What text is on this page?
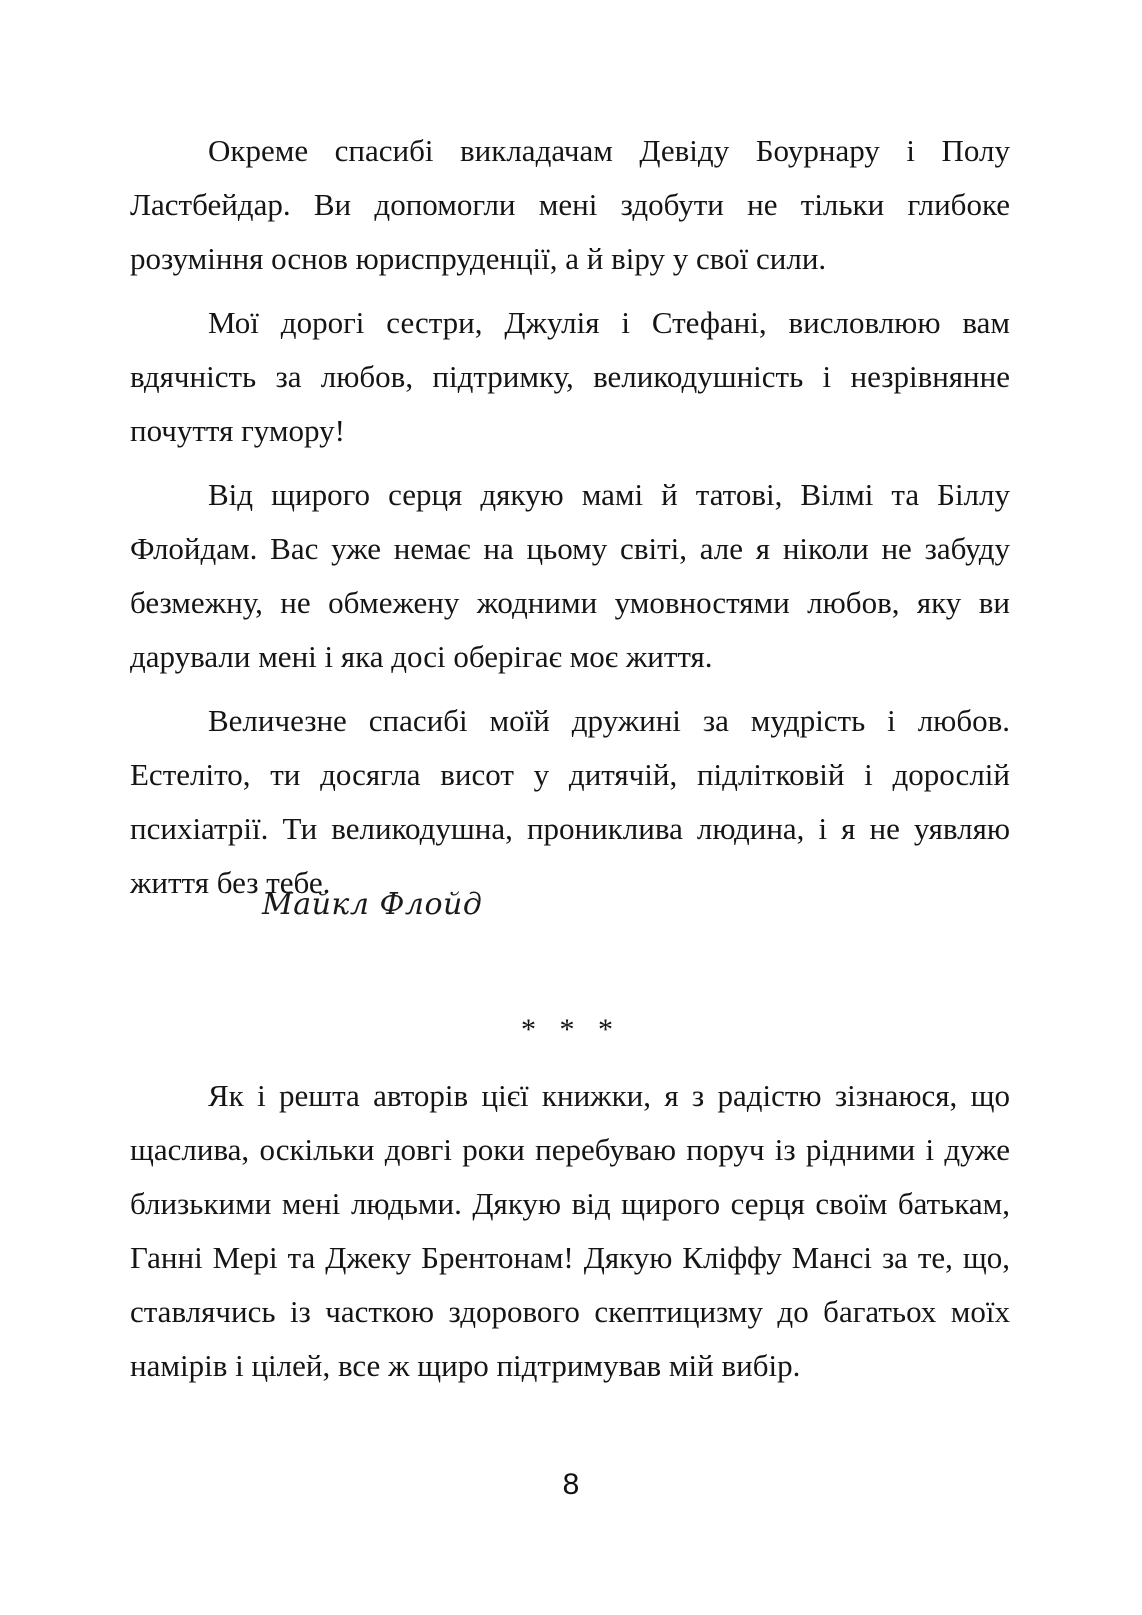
Окреме спасибі викладачам Девіду Боурнару і Полу Ластбейдар. Ви допомогли мені здобути не тільки глибоке розуміння основ юриспруденції, а й віру у свої сили.

Мої дорогі сестри, Джулія і Стефані, висловлюю вам вдячність за любов, підтримку, великодушність і незрівнянне почуття гумору!

Від щирого серця дякую мамі й татові, Вілмі та Біллу Флойдам. Вас уже немає на цьому світі, але я ніколи не забуду безмежну, не обмежену жодними умовностями любов, яку ви дарували мені і яка досі оберігає моє життя.

Величезне спасибі моїй дружині за мудрість і любов. Естеліто, ти досягла висот у дитячій, підлітковій і дорослій психіатрії. Ти великодушна, прониклива людина, і я не уявляю життя без тебе.

Майкл Флойд
* * *

Як і решта авторів цієї книжки, я з радістю зізнаюся, що щаслива, оскільки довгі роки перебуваю поруч із рідними і дуже близькими мені людьми. Дякую від щирого серця своїм батькам, Ганні Мері та Джеку Брентонам! Дякую Кліффу Мансі за те, що, ставлячись із часткою здорового скептицизму до багатьох моїх намірів і цілей, все ж щиро підтримував мій вибір.

8
